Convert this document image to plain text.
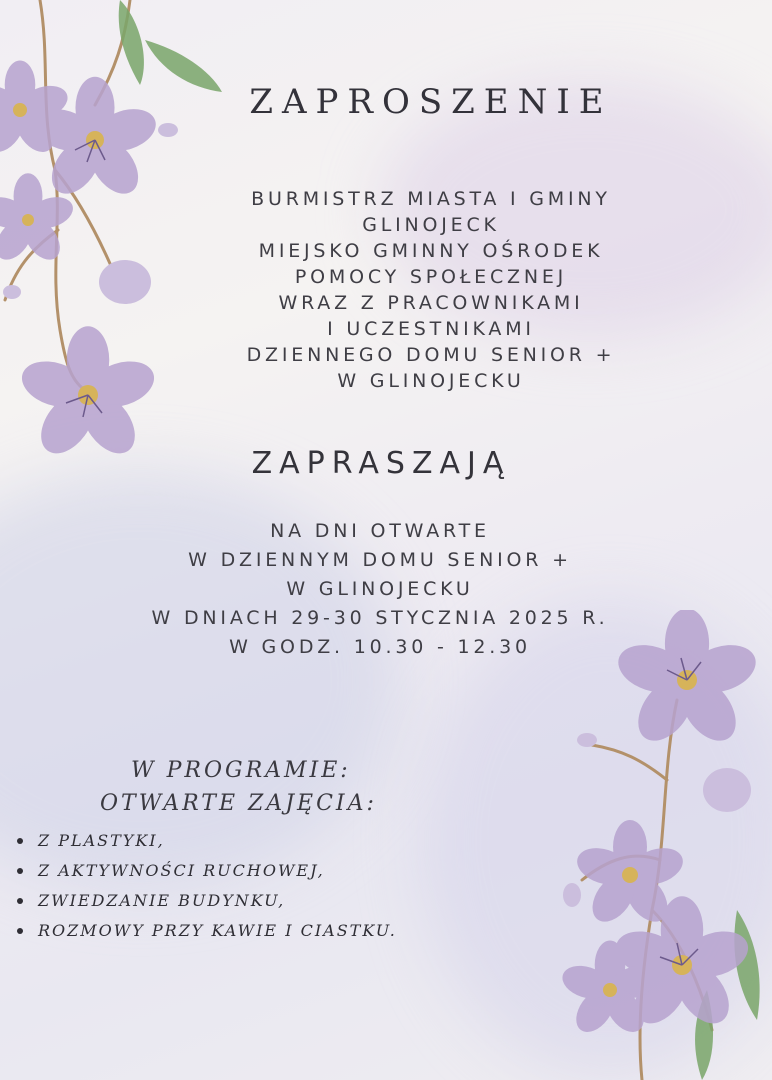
ZAPROSZENIE
BURMISTRZ MIASTA I GMINY
GLINOJECK
MIEJSKO GMINNY OŚRODEK
POMOCY SPOŁECZNEJ
WRAZ Z PRACOWNIKAMI
I UCZESTNIKAMI
DZIENNEGO DOMU SENIOR +
W GLINOJECKU
ZAPRASZAJĄ
NA DNI OTWARTE
W DZIENNYM DOMU SENIOR +
W GLINOJECKU
W DNIACH 29-30 STYCZNIA 2025 R.
W GODZ. 10.30 - 12.30
W PROGRAMIE:
OTWARTE ZAJĘCIA:
Z PLASTYKI,
Z AKTYWNOŚCI RUCHOWEJ,
ZWIEDZANIE BUDYNKU,
ROZMOWY PRZY KAWIE I CIASTKU.
